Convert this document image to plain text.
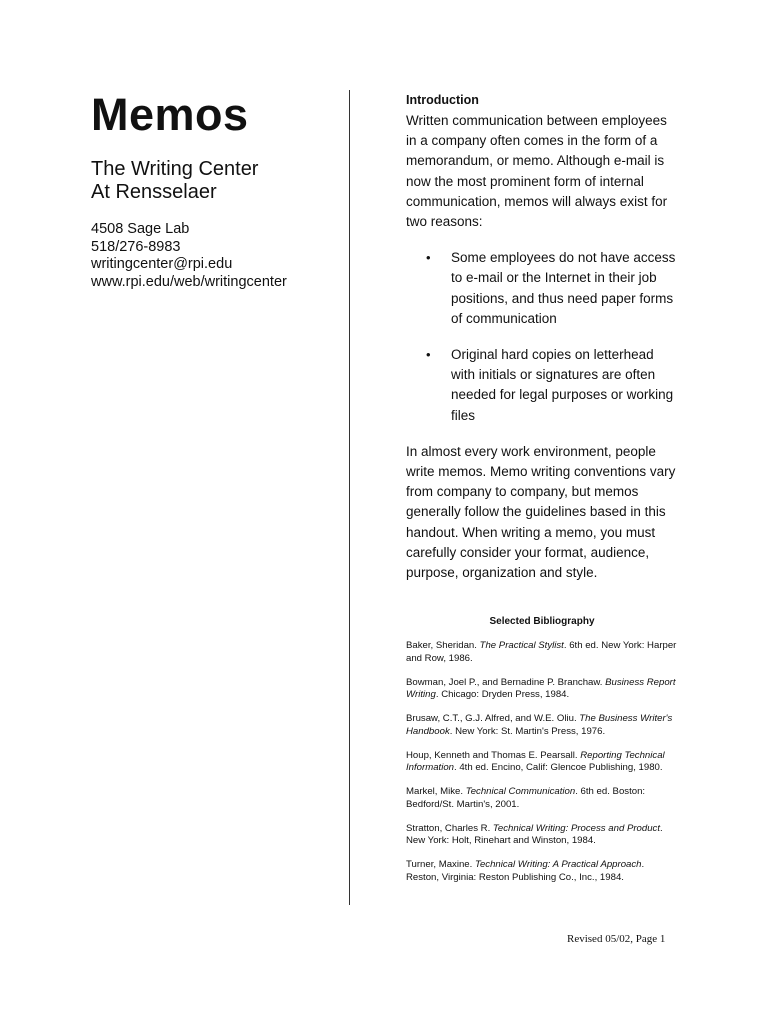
Memos
The Writing Center
At Rensselaer
4508 Sage Lab
518/276-8983
writingcenter@rpi.edu
www.rpi.edu/web/writingcenter
Introduction

Written communication between employees in a company often comes in the form of a memorandum, or memo. Although e-mail is now the most prominent form of internal communication, memos will always exist for two reasons:

• Some employees do not have access to e-mail or the Internet in their job positions, and thus need paper forms of communication
• Original hard copies on letterhead with initials or signatures are often needed for legal purposes or working files

In almost every work environment, people write memos. Memo writing conventions vary from company to company, but memos generally follow the guidelines based in this handout. When writing a memo, you must carefully consider your format, audience, purpose, organization and style.

Selected Bibliography

Baker, Sheridan. The Practical Stylist. 6th ed. New York: Harper and Row, 1986.

Bowman, Joel P., and Bernadine P. Branchaw. Business Report Writing. Chicago: Dryden Press, 1984.

Brusaw, C.T., G.J. Alfred, and W.E. Oliu. The Business Writer's Handbook. New York: St. Martin's Press, 1976.

Houp, Kenneth and Thomas E. Pearsall. Reporting Technical Information. 4th ed. Encino, Calif: Glencoe Publishing, 1980.

Markel, Mike. Technical Communication. 6th ed. Boston: Bedford/St. Martin's, 2001.

Stratton, Charles R. Technical Writing: Process and Product. New York: Holt, Rinehart and Winston, 1984.

Turner, Maxine. Technical Writing: A Practical Approach. Reston, Virginia: Reston Publishing Co., Inc., 1984.

Revised 05/02, Page 1
